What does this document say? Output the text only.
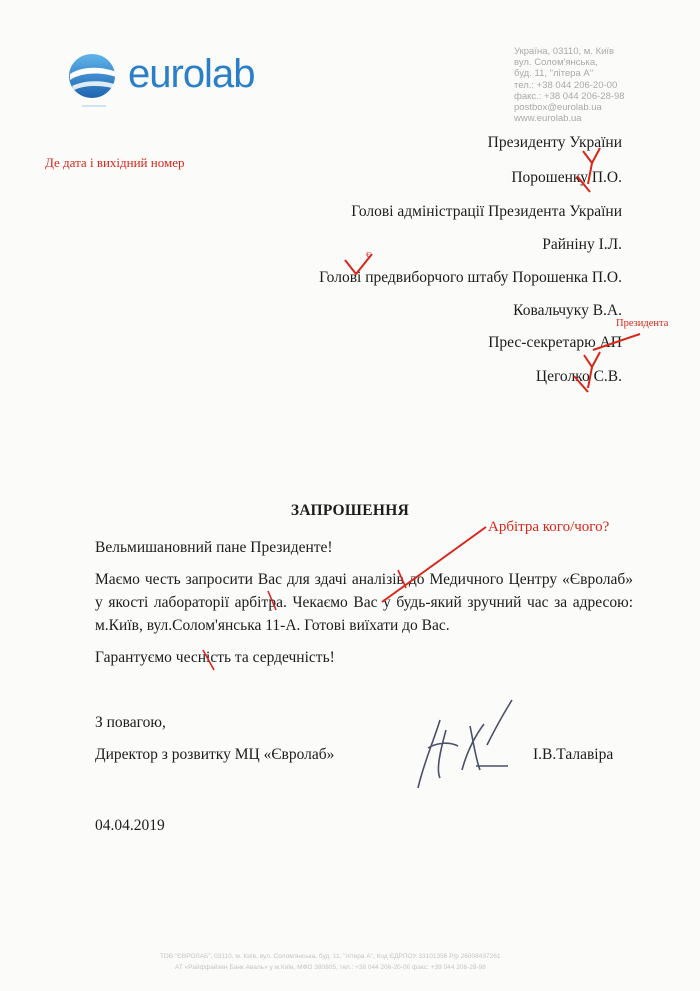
eurolab
Україна, 03110, м. Київ
вул. Солом'янська,
буд. 11, "літера А"
тел.: +38 044 206-20-00
факс.: +38 044 206-28-98
postbox@eurolab.ua
www.eurolab.ua
Де дата і вихідний номер
Президенту України
Порошенку П.О.
Голові адміністрації Президента України
Райніну І.Л.
Голові предвиборчого штабу Порошенка П.О.
Ковальчуку В.А.
Прес-секретарю АП
Цеголко С.В.
є
Президента
Арбітра кого/чого?
ЗАПРОШЕННЯ
Вельмишановний пане Президенте!
Маємо честь запросити Вас для здачі аналізів до Медичного Центру «Євролаб» у якості лабораторії арбітра. Чекаємо Вас у будь-який зручний час за адресою: м.Київ, вул.Солом'янська 11-А. Готові виїхати до Вас.
Гарантуємо чесність та сердечність!
З повагою,
Директор з розвитку МЦ «Євролаб»	І.В.Талавіра
04.04.2019
ТОВ "ЄВРОЛАБ", 03110, м. Київ, вул. Солом'янська, буд. 11, "літера А", Код ЄДРПОУ 33101356 Р/р 26008437261
АТ «Райффайзен Банк Аваль» у м.Київ, МФО 380805, тел.: +38 044 206-20-00 факс: +38 044 206-28-98
